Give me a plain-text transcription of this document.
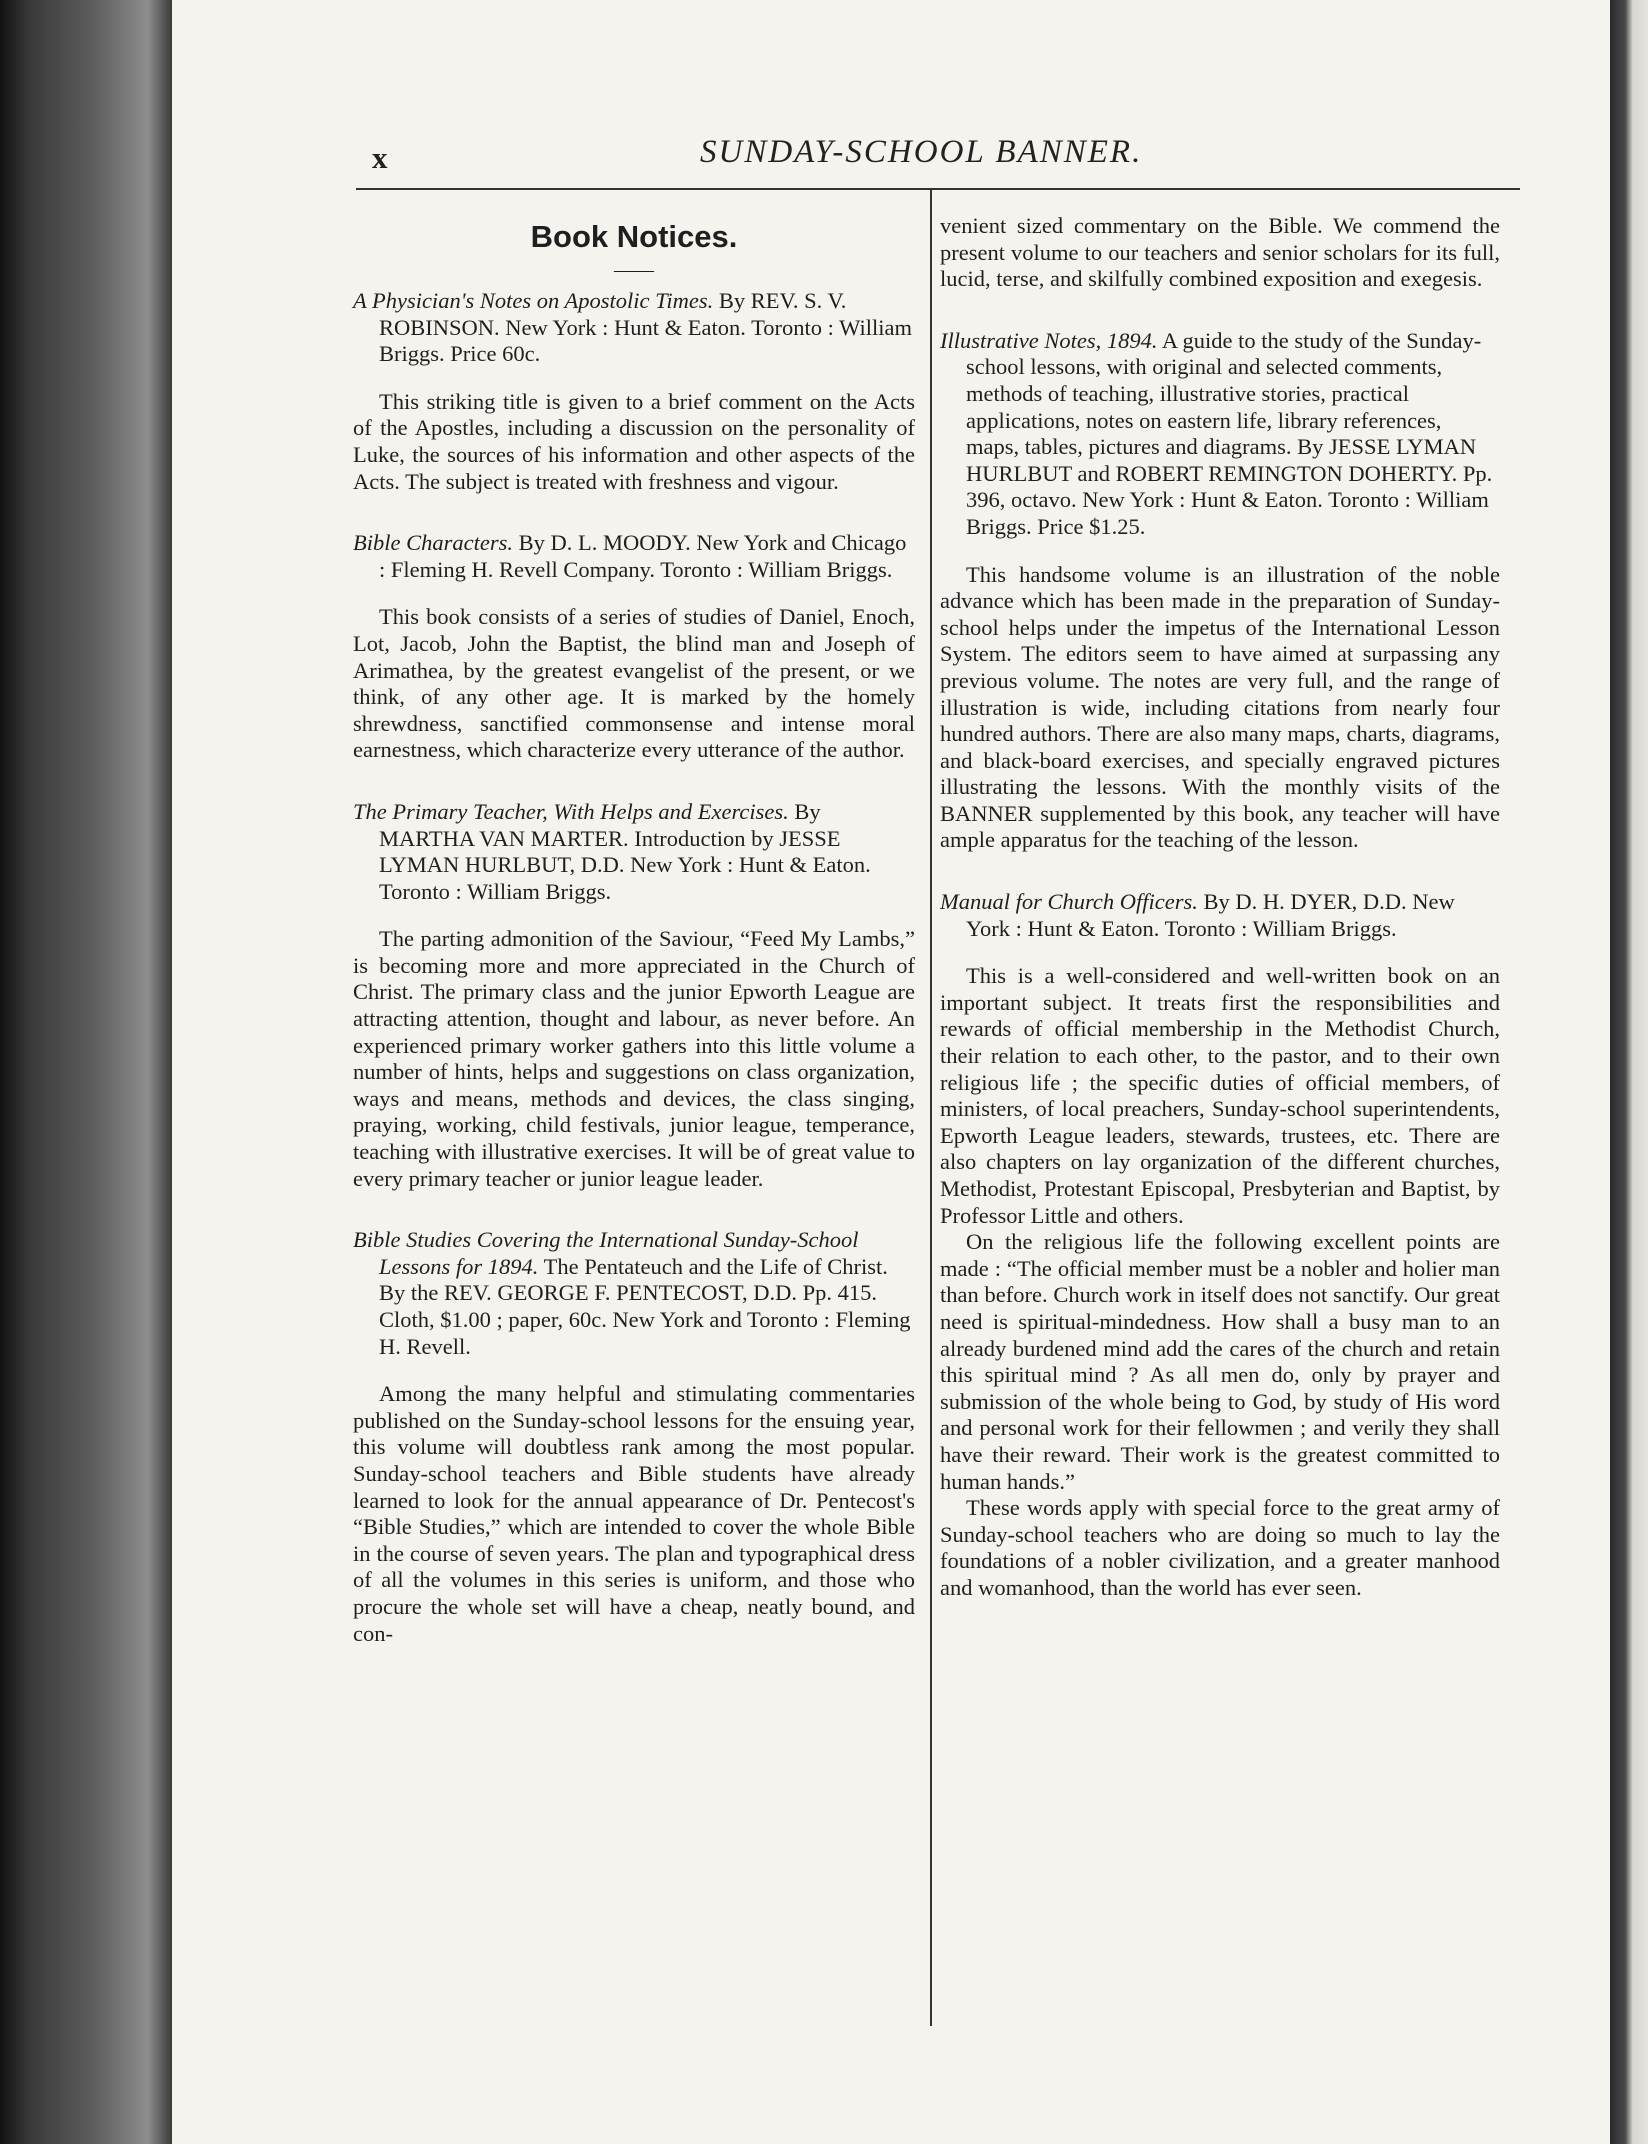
x	SUNDAY-SCHOOL BANNER.
Book Notices.
——
A Physician's Notes on Apostolic Times. By REV. S. V. ROBINSON. New York : Hunt & Eaton. Toronto : William Briggs. Price 60c.

This striking title is given to a brief comment on the Acts of the Apostles, including a discussion on the personality of Luke, the sources of his information and other aspects of the Acts. The subject is treated with freshness and vigour.

Bible Characters. By D. L. MOODY. New York and Chicago : Fleming H. Revell Company. Toronto : William Briggs.

This book consists of a series of studies of Daniel, Enoch, Lot, Jacob, John the Baptist, the blind man and Joseph of Arimathea, by the greatest evangelist of the present, or we think, of any other age. It is marked by the homely shrewdness, sanctified commonsense and intense moral earnestness, which characterize every utterance of the author.

The Primary Teacher, With Helps and Exercises. By MARTHA VAN MARTER. Introduction by JESSE LYMAN HURLBUT, D.D. New York : Hunt & Eaton. Toronto : William Briggs.

The parting admonition of the Saviour, “Feed My Lambs,” is becoming more and more appreciated in the Church of Christ. The primary class and the junior Epworth League are attracting attention, thought and labour, as never before. An experienced primary worker gathers into this little volume a number of hints, helps and suggestions on class organization, ways and means, methods and devices, the class singing, praying, working, child festivals, junior league, temperance, teaching with illustrative exercises. It will be of great value to every primary teacher or junior league leader.

Bible Studies Covering the International Sunday-School Lessons for 1894. The Pentateuch and the Life of Christ. By the REV. GEORGE F. PENTECOST, D.D. Pp. 415. Cloth, $1.00 ; paper, 60c. New York and Toronto : Fleming H. Revell.

Among the many helpful and stimulating commentaries published on the Sunday-school lessons for the ensuing year, this volume will doubtless rank among the most popular. Sunday-school teachers and Bible students have already learned to look for the annual appearance of Dr. Pentecost's “Bible Studies,” which are intended to cover the whole Bible in the course of seven years. The plan and typographical dress of all the volumes in this series is uniform, and those who procure the whole set will have a cheap, neatly bound, and con-

venient sized commentary on the Bible. We commend the present volume to our teachers and senior scholars for its full, lucid, terse, and skilfully combined exposition and exegesis.

Illustrative Notes, 1894. A guide to the study of the Sunday-school lessons, with original and selected comments, methods of teaching, illustrative stories, practical applications, notes on eastern life, library references, maps, tables, pictures and diagrams. By JESSE LYMAN HURLBUT and ROBERT REMINGTON DOHERTY. Pp. 396, octavo. New York : Hunt & Eaton. Toronto : William Briggs. Price $1.25.

This handsome volume is an illustration of the noble advance which has been made in the preparation of Sunday-school helps under the impetus of the International Lesson System. The editors seem to have aimed at surpassing any previous volume. The notes are very full, and the range of illustration is wide, including citations from nearly four hundred authors. There are also many maps, charts, diagrams, and black-board exercises, and specially engraved pictures illustrating the lessons. With the monthly visits of the BANNER supplemented by this book, any teacher will have ample apparatus for the teaching of the lesson.

Manual for Church Officers. By D. H. DYER, D.D. New York : Hunt & Eaton. Toronto : William Briggs.

This is a well-considered and well-written book on an important subject. It treats first the responsibilities and rewards of official membership in the Methodist Church, their relation to each other, to the pastor, and to their own religious life ; the specific duties of official members, of ministers, of local preachers, Sunday-school superintendents, Epworth League leaders, stewards, trustees, etc. There are also chapters on lay organization of the different churches, Methodist, Protestant Episcopal, Presbyterian and Baptist, by Professor Little and others.

On the religious life the following excellent points are made : “The official member must be a nobler and holier man than before. Church work in itself does not sanctify. Our great need is spiritual-mindedness. How shall a busy man to an already burdened mind add the cares of the church and retain this spiritual mind ? As all men do, only by prayer and submission of the whole being to God, by study of His word and personal work for their fellowmen ; and verily they shall have their reward. Their work is the greatest committed to human hands.”

These words apply with special force to the great army of Sunday-school teachers who are doing so much to lay the foundations of a nobler civilization, and a greater manhood and womanhood, than the world has ever seen.
